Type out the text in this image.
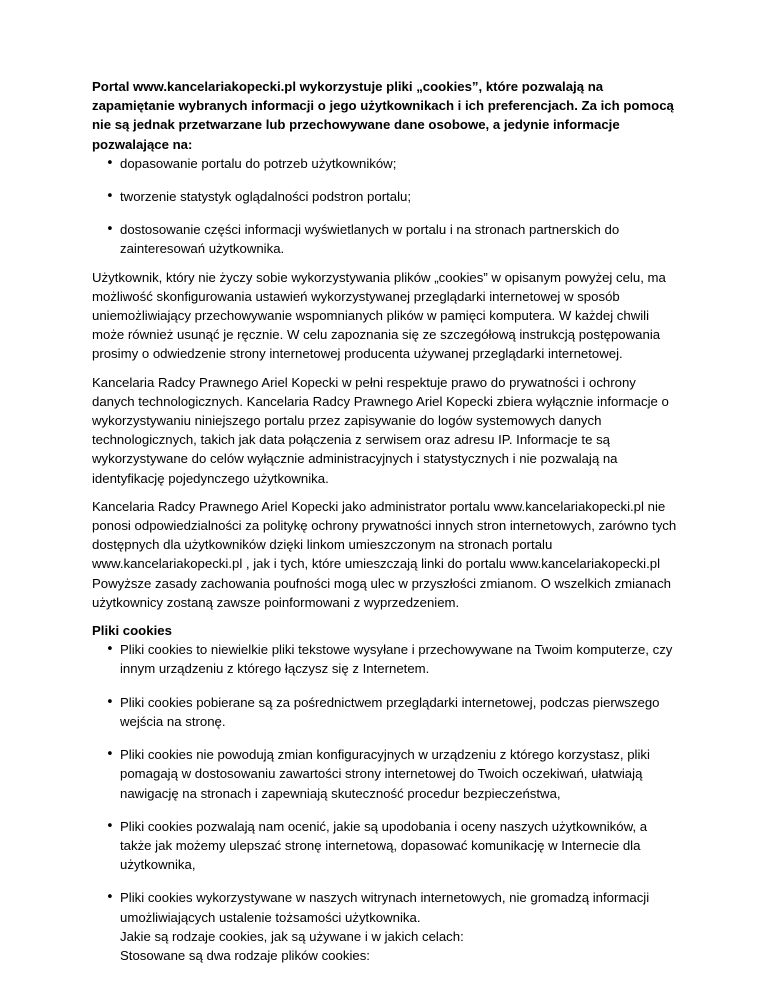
Portal www.kancelariakopecki.pl wykorzystuje pliki „cookies”, które pozwalają na zapamiętanie wybranych informacji o jego użytkownikach i ich preferencjach. Za ich pomocą nie są jednak przetwarzane lub przechowywane dane osobowe, a jedynie informacje pozwalające na:

• dopasowanie portalu do potrzeb użytkowników;
• tworzenie statystyk oglądalności podstron portalu;
• dostosowanie części informacji wyświetlanych w portalu i na stronach partnerskich do zainteresowań użytkownika.

Użytkownik, który nie życzy sobie wykorzystywania plików „cookies” w opisanym powyżej celu, ma możliwość skonfigurowania ustawień wykorzystywanej przeglądarki internetowej w sposób uniemożliwiający przechowywanie wspomnianych plików w pamięci komputera. W każdej chwili może również usunąć je ręcznie. W celu zapoznania się ze szczegółową instrukcją postępowania prosimy o odwiedzenie strony internetowej producenta używanej przeglądarki internetowej.

Kancelaria Radcy Prawnego Ariel Kopecki w pełni respektuje prawo do prywatności i ochrony danych technologicznych. Kancelaria Radcy Prawnego Ariel Kopecki zbiera wyłącznie informacje o wykorzystywaniu niniejszego portalu przez zapisywanie do logów systemowych danych technologicznych, takich jak data połączenia z serwisem oraz adresu IP. Informacje te są wykorzystywane do celów wyłącznie administracyjnych i statystycznych i nie pozwalają na identyfikację pojedynczego użytkownika.

Kancelaria Radcy Prawnego Ariel Kopecki jako administrator portalu www.kancelariakopecki.pl nie ponosi odpowiedzialności za politykę ochrony prywatności innych stron internetowych, zarówno tych dostępnych dla użytkowników dzięki linkom umieszczonym na stronach portalu www.kancelariakopecki.pl , jak i tych, które umieszczają linki do portalu www.kancelariakopecki.pl Powyższe zasady zachowania poufności mogą ulec w przyszłości zmianom. O wszelkich zmianach użytkownicy zostaną zawsze poinformowani z wyprzedzeniem.

Pliki cookies

• Pliki cookies to niewielkie pliki tekstowe wysyłane i przechowywane na Twoim komputerze, czy innym urządzeniu z którego łączysz się z Internetem.
• Pliki cookies pobierane są za pośrednictwem przeglądarki internetowej, podczas pierwszego wejścia na stronę.
• Pliki cookies nie powodują zmian konfiguracyjnych w urządzeniu z którego korzystasz, pliki pomagają w dostosowaniu zawartości strony internetowej do Twoich oczekiwań, ułatwiają nawigację na stronach i zapewniają skuteczność procedur bezpieczeństwa,
• Pliki cookies pozwalają nam ocenić, jakie są upodobania i oceny naszych użytkowników, a także jak możemy ulepszać stronę internetową, dopasować komunikację w Internecie dla użytkownika,
• Pliki cookies wykorzystywane w naszych witrynach internetowych, nie gromadzą informacji umożliwiających ustalenie tożsamości użytkownika.
Jakie są rodzaje cookies, jak są używane i w jakich celach:
Stosowane są dwa rodzaje plików cookies:
